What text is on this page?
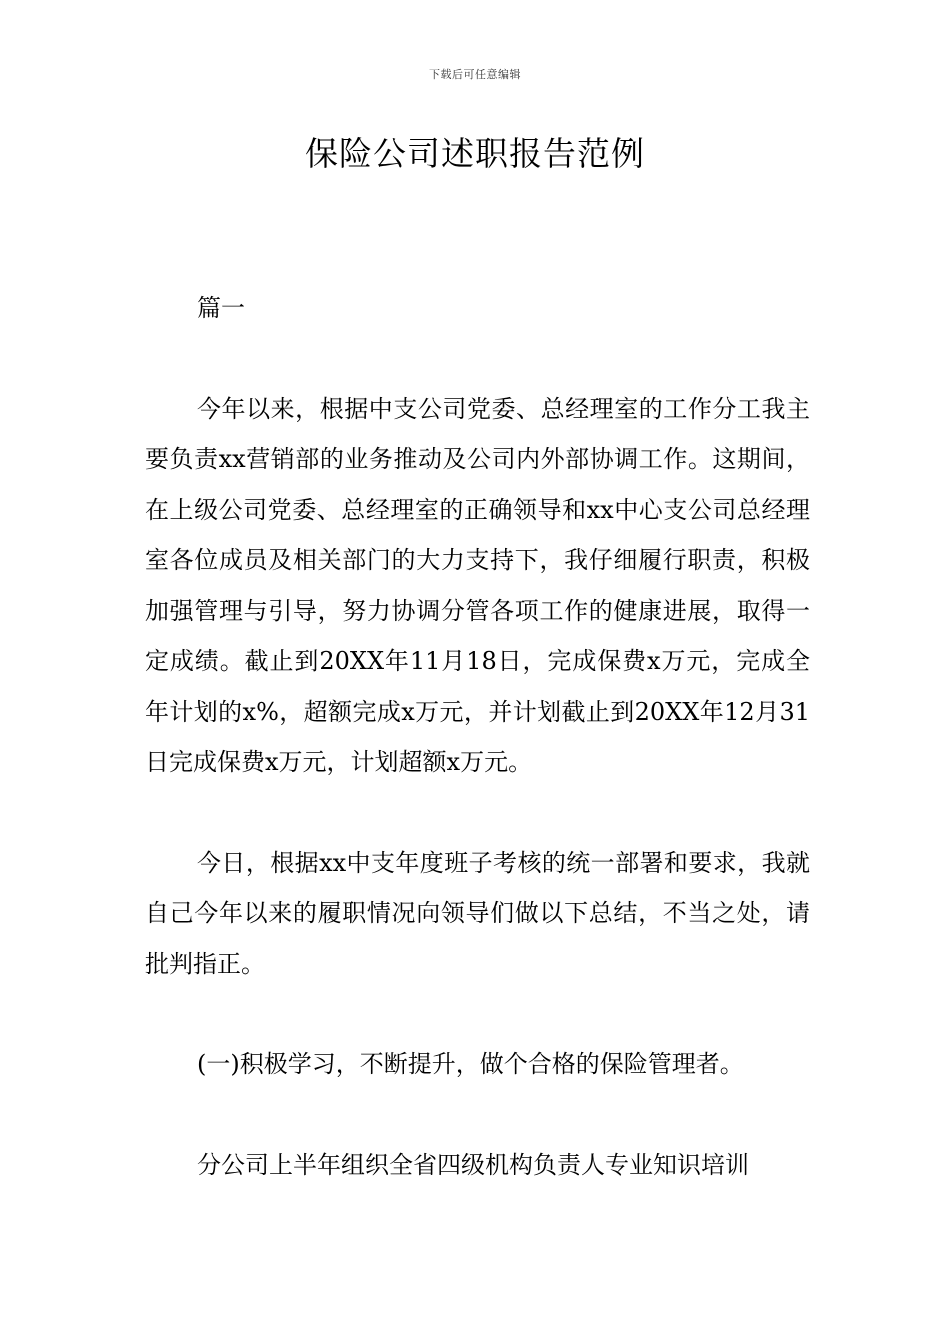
下载后可任意编辑
保险公司述职报告范例

篇一

今年以来，根据中支公司党委、总经理室的工作分工我主要负责xx营销部的业务推动及公司内外部协调工作。这期间，在上级公司党委、总经理室的正确领导和xx中心支公司总经理室各位成员及相关部门的大力支持下，我仔细履行职责，积极加强管理与引导，努力协调分管各项工作的健康进展，取得一定成绩。截止到20XX年11月18日，完成保费x万元，完成全年计划的x%，超额完成x万元，并计划截止到20XX年12月31日完成保费x万元，计划超额x万元。

今日，根据xx中支年度班子考核的统一部署和要求，我就自己今年以来的履职情况向领导们做以下总结，不当之处，请批判指正。

(一)积极学习，不断提升，做个合格的保险管理者。

分公司上半年组织全省四级机构负责人专业知识培训
